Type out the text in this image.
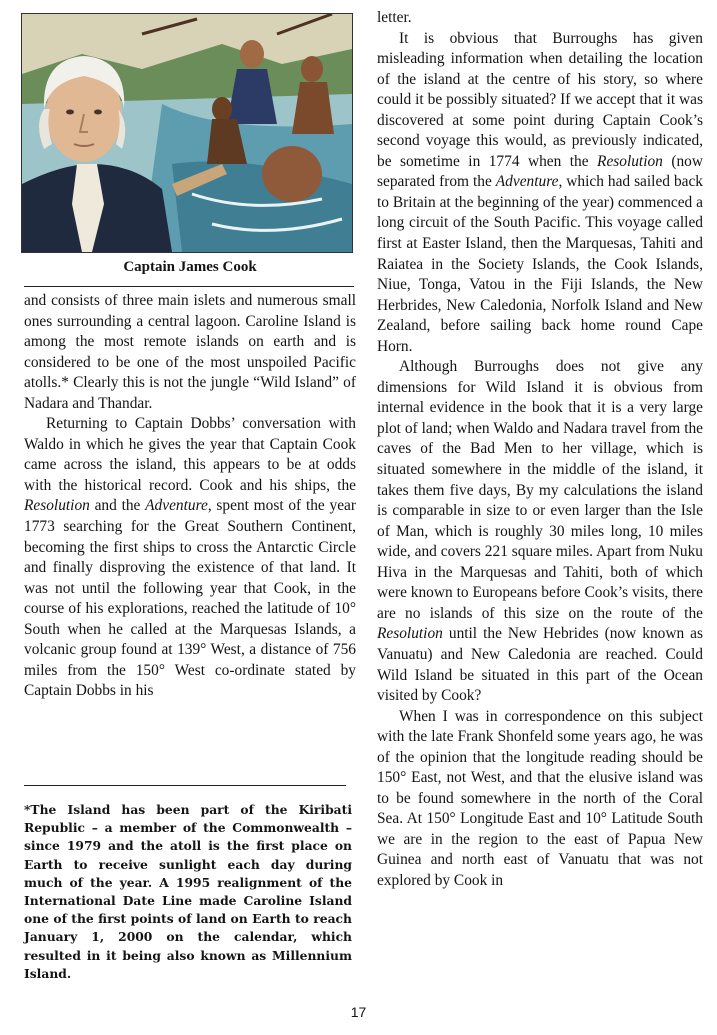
Captain James Cook

and consists of three main islets and numerous small ones surrounding a central lagoon. Caroline Island is among the most remote islands on earth and is considered to be one of the most unspoiled Pacific atolls.* Clearly this is not the jungle “Wild Island” of Nadara and Thandar.

Returning to Captain Dobbs’ conversation with Waldo in which he gives the year that Captain Cook came across the island, this appears to be at odds with the historical record. Cook and his ships, the Resolution and the Adventure, spent most of the year 1773 searching for the Great Southern Continent, becoming the first ships to cross the Antarctic Circle and finally disproving the existence of that land. It was not until the following year that Cook, in the course of his explorations, reached the latitude of 10° South when he called at the Marquesas Islands, a volcanic group found at 139° West, a distance of 756 miles from the 150° West co-ordinate stated by Captain Dobbs in his

*The Island has been part of the Kiribati Republic – a member of the Commonwealth – since 1979 and the atoll is the first place on Earth to receive sunlight each day during much of the year. A 1995 realignment of the International Date Line made Caroline Island one of the first points of land on Earth to reach January 1, 2000 on the calendar, which resulted in it being also known as Millennium Island.

letter.

It is obvious that Burroughs has given misleading information when detailing the location of the island at the centre of his story, so where could it be possibly situated? If we accept that it was discovered at some point during Captain Cook’s second voyage this would, as previously indicated, be sometime in 1774 when the Resolution (now separated from the Adventure, which had sailed back to Britain at the beginning of the year) commenced a long circuit of the South Pacific. This voyage called first at Easter Island, then the Marquesas, Tahiti and Raiatea in the Society Islands, the Cook Islands, Niue, Tonga, Vatou in the Fiji Islands, the New Herbrides, New Caledonia, Norfolk Island and New Zealand, before sailing back home round Cape Horn.

Although Burroughs does not give any dimensions for Wild Island it is obvious from internal evidence in the book that it is a very large plot of land; when Waldo and Nadara travel from the caves of the Bad Men to her village, which is situated somewhere in the middle of the island, it takes them five days, By my calculations the island is comparable in size to or even larger than the Isle of Man, which is roughly 30 miles long, 10 miles wide, and covers 221 square miles. Apart from Nuku Hiva in the Marquesas and Tahiti, both of which were known to Europeans before Cook’s visits, there are no islands of this size on the route of the Resolution until the New Hebrides (now known as Vanuatu) and New Caledonia are reached. Could Wild Island be situated in this part of the Ocean visited by Cook?

When I was in correspondence on this subject with the late Frank Shonfeld some years ago, he was of the opinion that the longitude reading should be 150° East, not West, and that the elusive island was to be found somewhere in the north of the Coral Sea. At 150° Longitude East and 10° Latitude South we are in the region to the east of Papua New Guinea and north east of Vanuatu that was not explored by Cook in

17
